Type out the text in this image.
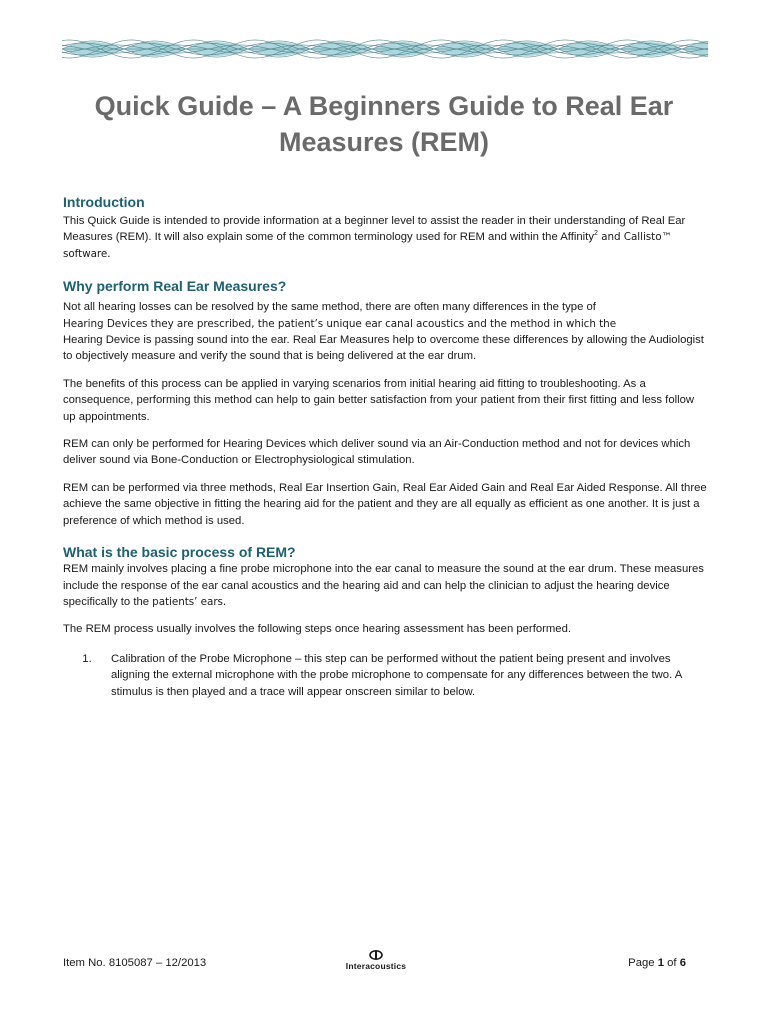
Quick Guide – A Beginners Guide to Real Ear Measures (REM)
Introduction

This Quick Guide is intended to provide information at a beginner level to assist the reader in their understanding of Real Ear Measures (REM). It will also explain some of the common terminology used for REM and within the Affinity$^2$ and Callisto™ software.

Why perform Real Ear Measures?

Not all hearing losses can be resolved by the same method, there are often many differences in the type of
Hearing Devices they are prescribed, the patient’s unique ear canal acoustics and the method in which the
Hearing Device is passing sound into the ear. Real Ear Measures help to overcome these differences by allowing the Audiologist to objectively measure and verify the sound that is being delivered at the ear drum.

The benefits of this process can be applied in varying scenarios from initial hearing aid fitting to troubleshooting. As a consequence, performing this method can help to gain better satisfaction from your patient from their first fitting and less follow up appointments.

REM can only be performed for Hearing Devices which deliver sound via an Air-Conduction method and not for devices which deliver sound via Bone-Conduction or Electrophysiological stimulation.

REM can be performed via three methods, Real Ear Insertion Gain, Real Ear Aided Gain and Real Ear Aided Response. All three achieve the same objective in fitting the hearing aid for the patient and they are all equally as efficient as one another. It is just a preference of which method is used.

What is the basic process of REM?

REM mainly involves placing a fine probe microphone into the ear canal to measure the sound at the ear drum. These measures include the response of the ear canal acoustics and the hearing aid and can help the clinician to adjust the hearing device specifically to the patients’ ears.

The REM process usually involves the following steps once hearing assessment has been performed.

1.	Calibration of the Probe Microphone – this step can be performed without the patient being present and involves aligning the external microphone with the probe microphone to compensate for any differences between the two. A stimulus is then played and a trace will appear onscreen similar to below.
Item No. 8105087 – 12/2013	Interacoustics	Page 1 of 6
